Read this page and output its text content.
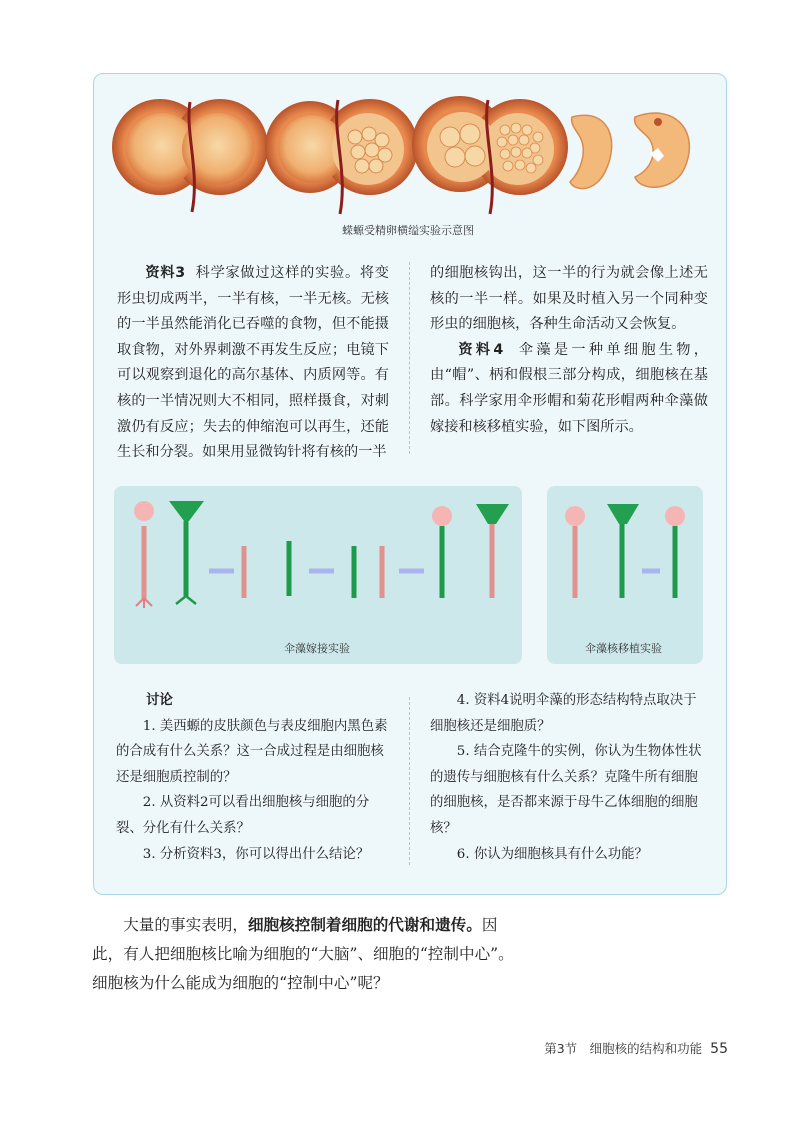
蝾螈受精卵横缢实验示意图

资料3 科学家做过这样的实验。将变形虫切成两半，一半有核，一半无核。无核的一半虽然能消化已吞噬的食物，但不能摄取食物，对外界刺激不再发生反应；电镜下可以观察到退化的高尔基体、内质网等。有核的一半情况则大不相同，照样摄食，对刺激仍有反应；失去的伸缩泡可以再生，还能生长和分裂。如果用显微钩针将有核的一半

的细胞核钩出，这一半的行为就会像上述无核的一半一样。如果及时植入另一个同种变形虫的细胞核，各种生命活动又会恢复。

资料4 伞藻是一种单细胞生物，由“帽”、柄和假根三部分构成，细胞核在基部。科学家用伞形帽和菊花形帽两种伞藻做嫁接和核移植实验，如下图所示。

伞藻嫁接实验	伞藻核移植实验

讨论

1. 美西螈的皮肤颜色与表皮细胞内黑色素的合成有什么关系？这一合成过程是由细胞核还是细胞质控制的？

2. 从资料2可以看出细胞核与细胞的分裂、分化有什么关系？

3. 分析资料3，你可以得出什么结论？

4. 资料4说明伞藻的形态结构特点取决于细胞核还是细胞质？

5. 结合克隆牛的实例，你认为生物体性状的遗传与细胞核有什么关系？克隆牛所有细胞的细胞核，是否都来源于母牛乙体细胞的细胞核？

6. 你认为细胞核具有什么功能？

大量的事实表明，细胞核控制着细胞的代谢和遗传。因此，有人把细胞核比喻为细胞的“大脑”、细胞的“控制中心”。细胞核为什么能成为细胞的“控制中心”呢？

第3节　细胞核的结构和功能 55
